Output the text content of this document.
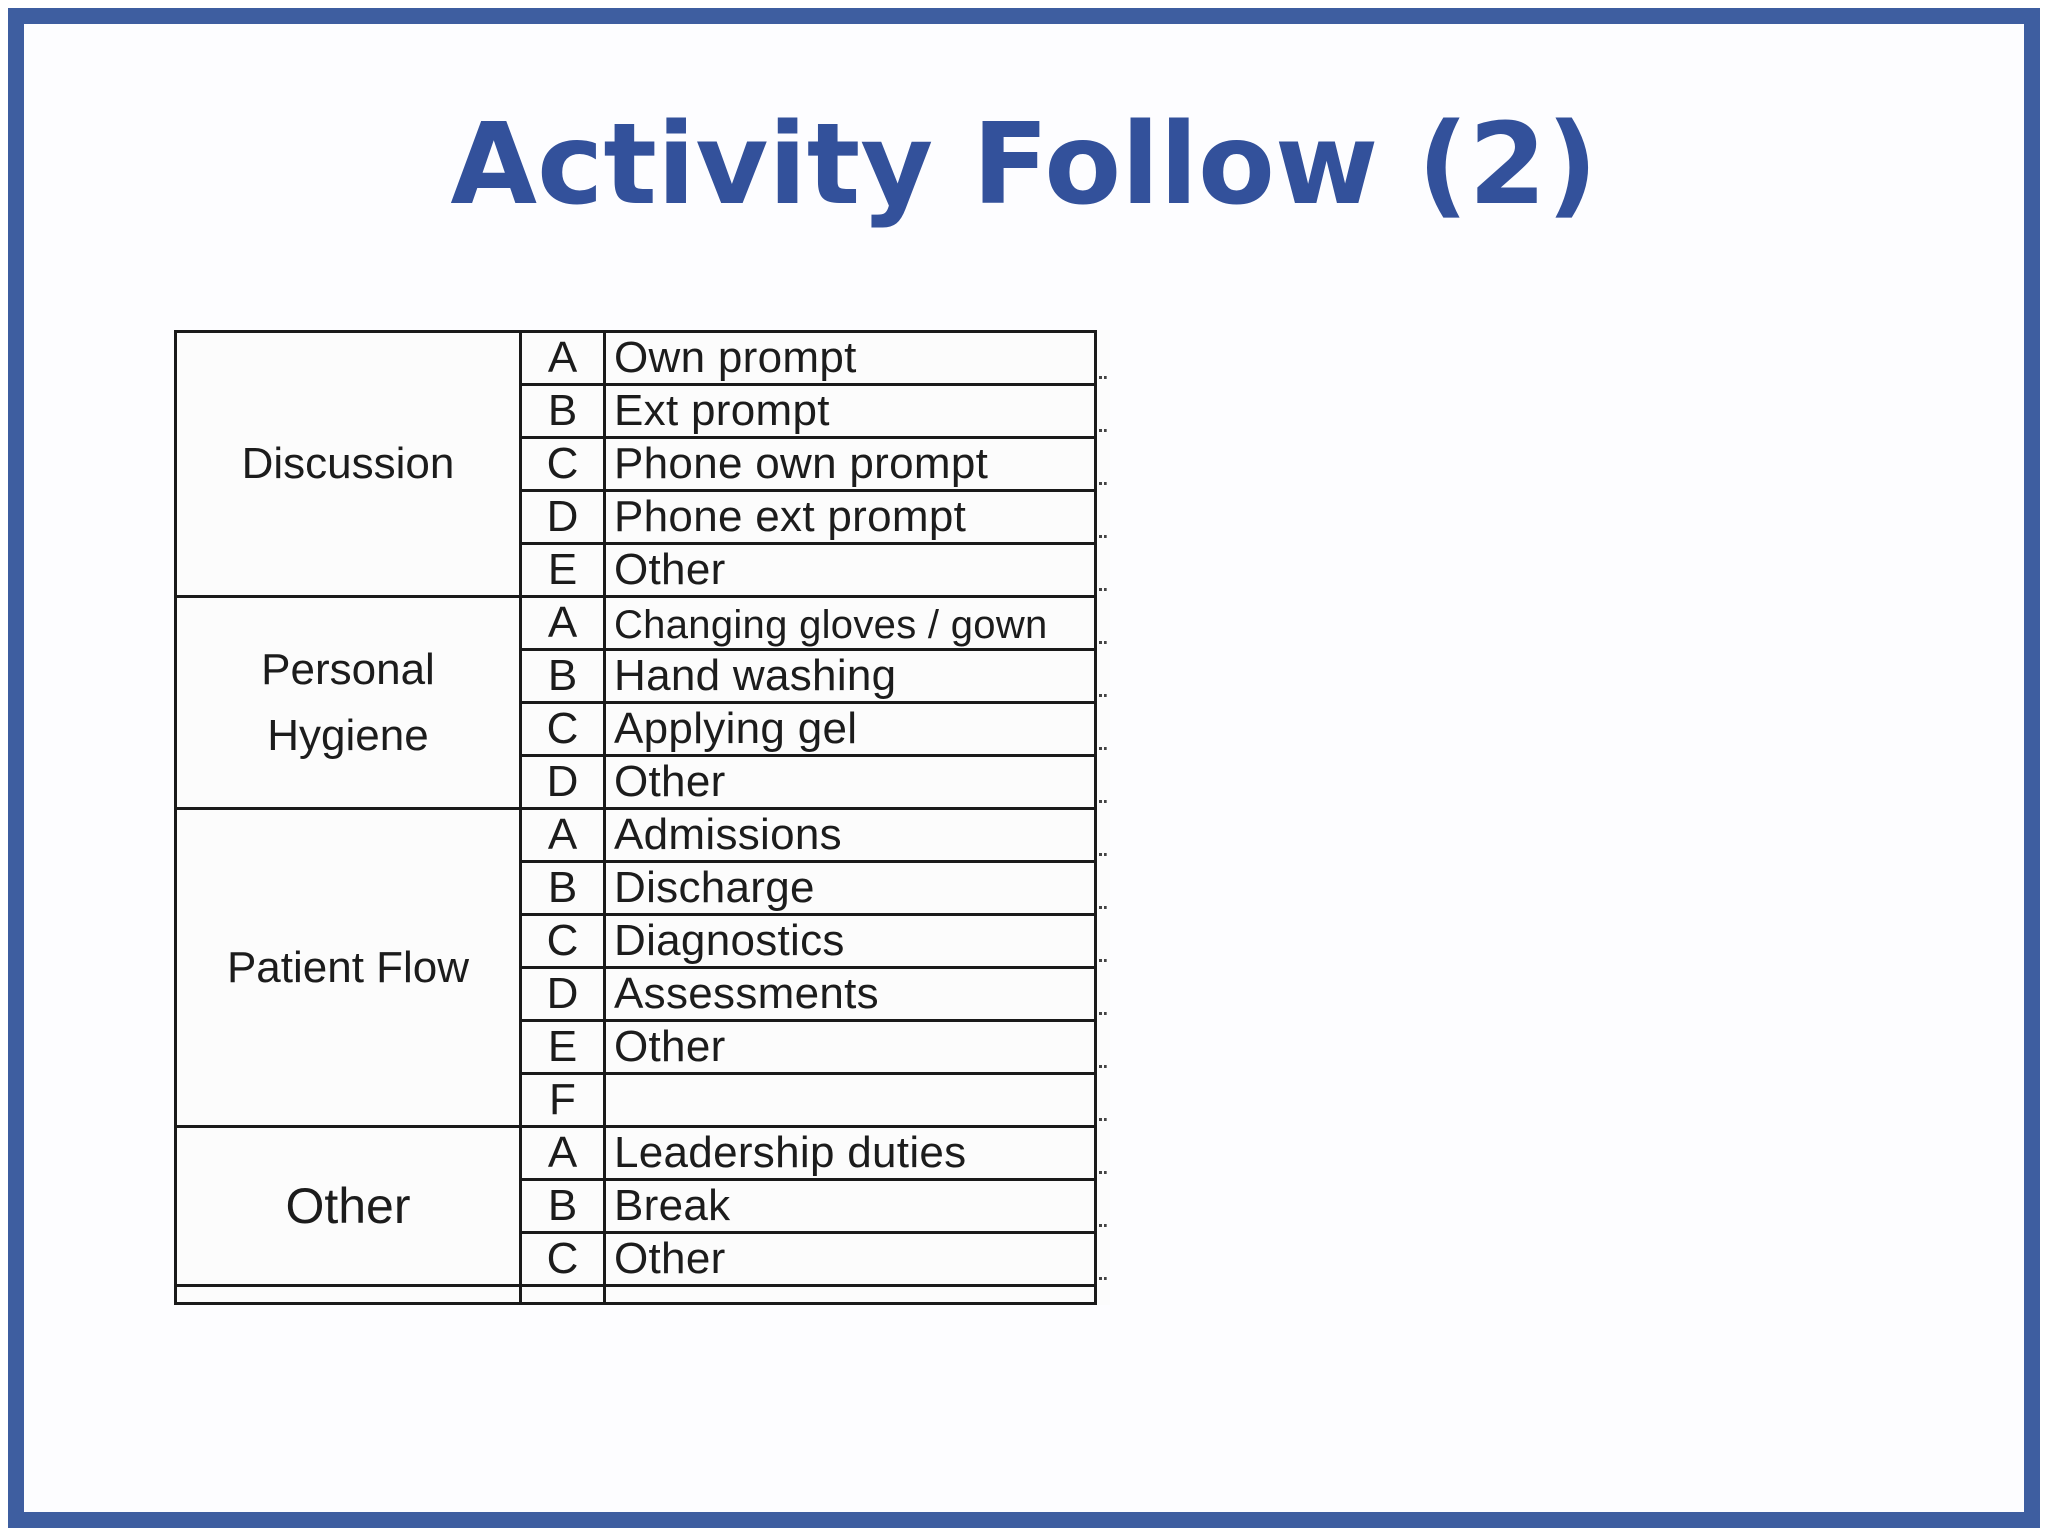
Activity Follow (2)
Discussion	A	Own prompt	

	B	Ext prompt	

	C	Phone own prompt	

	D	Phone ext prompt	

	E	Other	

Personal
Hygiene	A	Changing gloves / gown	

	B	Hand washing	

	C	Applying gel	

	D	Other	

Patient Flow	A	Admissions	

	B	Discharge	

	C	Diagnostics	

	D	Assessments	

	E	Other	

	F		

Other	A	Leadership duties	

	B	Break	

	C	Other	
